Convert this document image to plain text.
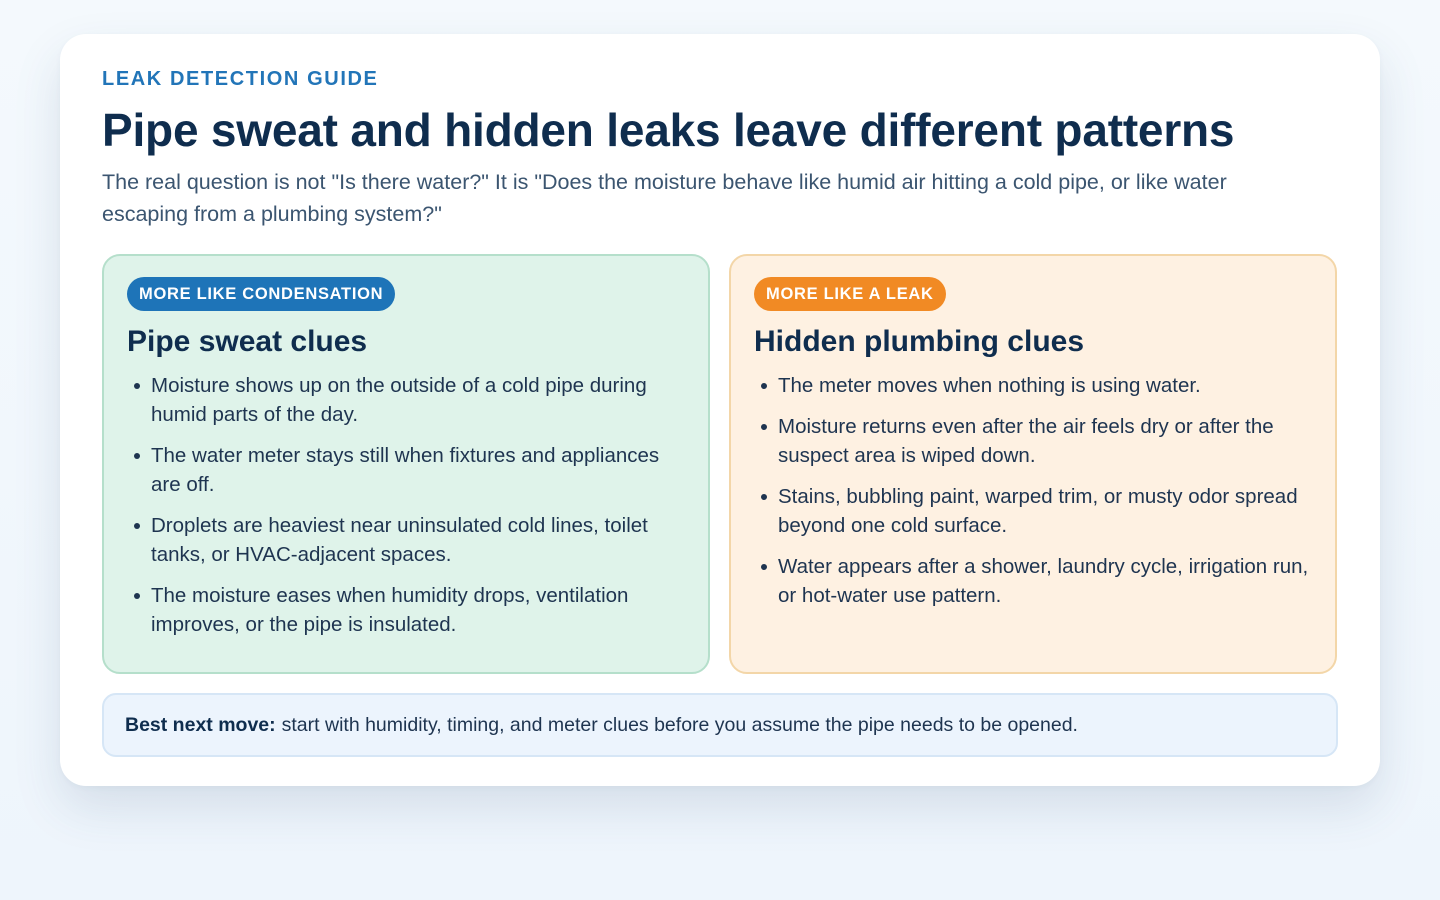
LEAK DETECTION GUIDE
Pipe sweat and hidden leaks leave different patterns

The real question is not "Is there water?" It is "Does the moisture behave like humid air hitting a cold pipe, or like water escaping from a plumbing system?"

MORE LIKE CONDENSATION
Pipe sweat clues
Moisture shows up on the outside of a cold pipe during humid parts of the day.
The water meter stays still when fixtures and appliances are off.
Droplets are heaviest near uninsulated cold lines, toilet tanks, or HVAC-adjacent spaces.
The moisture eases when humidity drops, ventilation improves, or the pipe is insulated.
MORE LIKE A LEAK
Hidden plumbing clues
The meter moves when nothing is using water.
Moisture returns even after the air feels dry or after the suspect area is wiped down.
Stains, bubbling paint, warped trim, or musty odor spread beyond one cold surface.
Water appears after a shower, laundry cycle, irrigation run, or hot-water use pattern.
Best next move: start with humidity, timing, and meter clues before you assume the pipe needs to be opened.
